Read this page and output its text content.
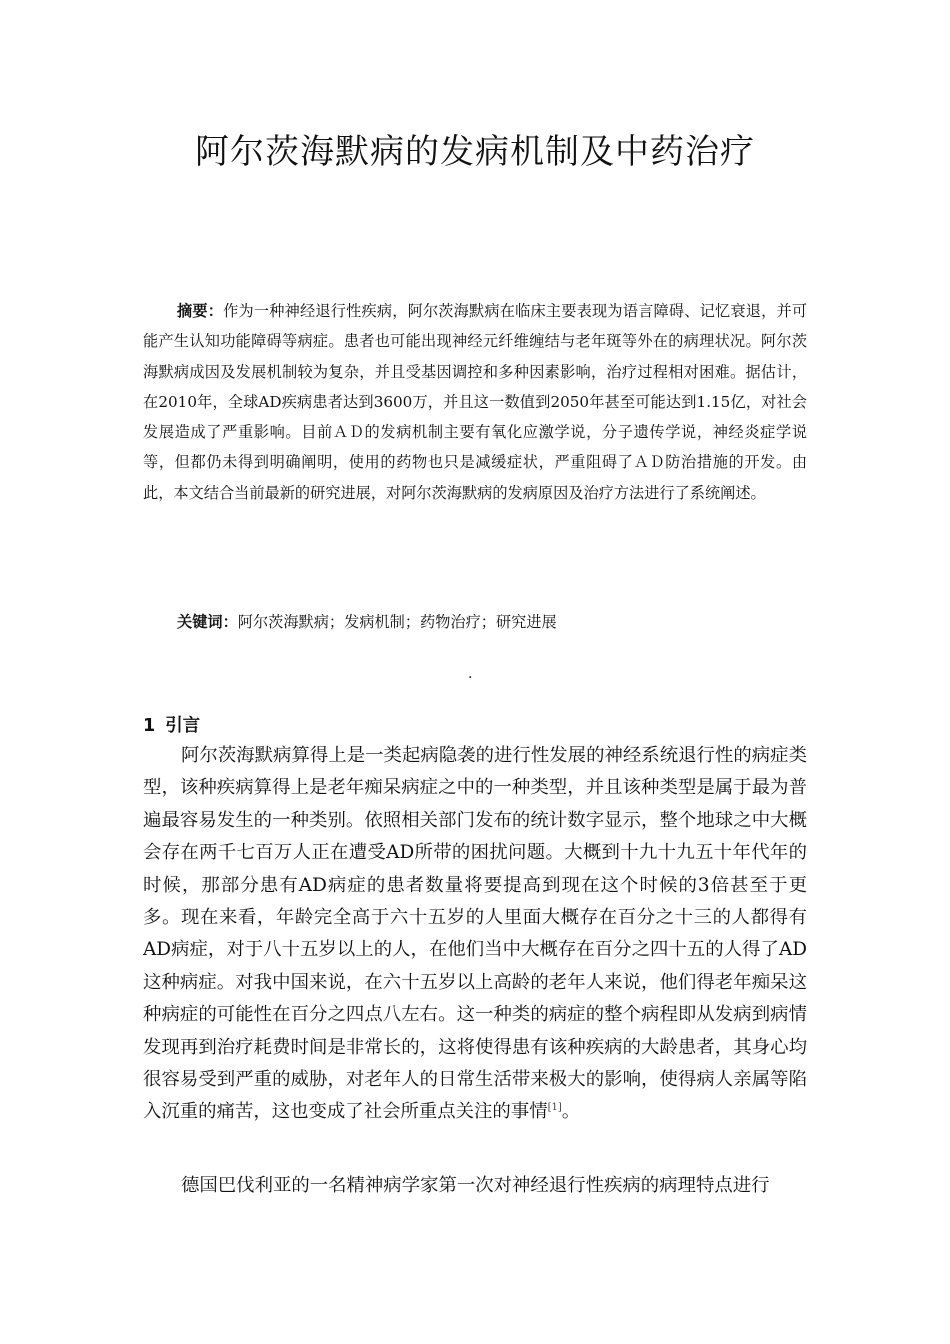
阿尔茨海默病的发病机制及中药治疗
摘要：作为一种神经退行性疾病，阿尔茨海默病在临床主要表现为语言障碍、记忆衰退，并可能产生认知功能障碍等病症。患者也可能出现神经元纤维缠结与老年斑等外在的病理状况。阿尔茨海默病成因及发展机制较为复杂，并且受基因调控和多种因素影响，治疗过程相对困难。据估计，在2010年，全球AD疾病患者达到3600万，并且这一数值到2050年甚至可能达到1.15亿，对社会发展造成了严重影响。目前ＡＤ的发病机制主要有氧化应激学说，分子遗传学说，神经炎症学说等，但都仍未得到明确阐明，使用的药物也只是减缓症状，严重阻碍了ＡＤ防治措施的开发。由此，本文结合当前最新的研究进展，对阿尔茨海默病的发病原因及治疗方法进行了系统阐述。
关键词：阿尔茨海默病；发病机制；药物治疗；研究进展
.
1 引言

阿尔茨海默病算得上是一类起病隐袭的进行性发展的神经系统退行性的病症类型，该种疾病算得上是老年痴呆病症之中的一种类型，并且该种类型是属于最为普遍最容易发生的一种类别。依照相关部门发布的统计数字显示，整个地球之中大概会存在两千七百万人正在遭受AD所带的困扰问题。大概到十九十九五十年代年的时候，那部分患有AD病症的患者数量将要提高到现在这个时候的3倍甚至于更多。现在来看，年龄完全高于六十五岁的人里面大概存在百分之十三的人都得有AD病症，对于八十五岁以上的人，在他们当中大概存在百分之四十五的人得了AD这种病症。对我中国来说，在六十五岁以上高龄的老年人来说，他们得老年痴呆这种病症的可能性在百分之四点八左右。这一种类的病症的整个病程即从发病到病情发现再到治疗耗费时间是非常长的，这将使得患有该种疾病的大龄患者，其身心均很容易受到严重的威胁，对老年人的日常生活带来极大的影响，使得病人亲属等陷入沉重的痛苦，这也变成了社会所重点关注的事情[1]。

德国巴伐利亚的一名精神病学家第一次对神经退行性疾病的病理特点进行
